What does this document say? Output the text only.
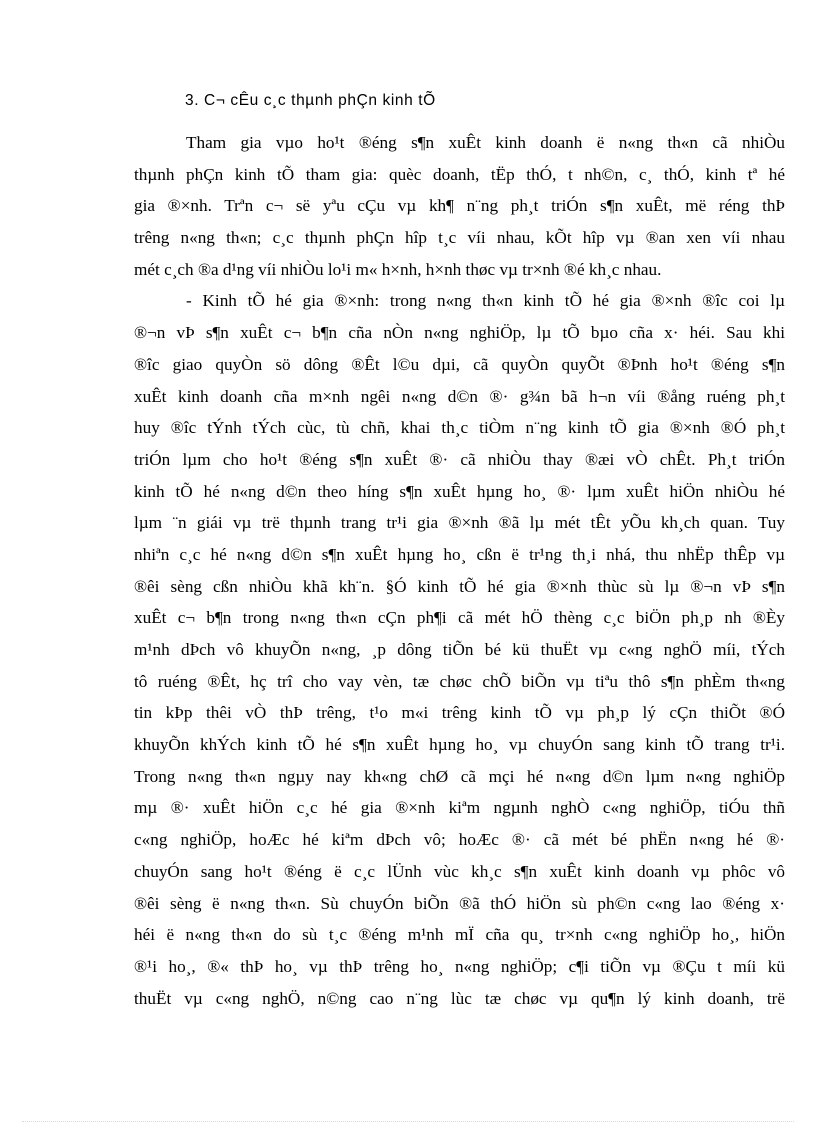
3. C¬ cÊu c¸c thµnh phÇn kinh tÕ
Tham gia vµo ho¹t ®éng s¶n xuÊt kinh doanh ë n«ng th«n cã nhiÒu
thµnh phÇn kinh tÕ tham gia: quèc doanh, tËp thÓ, t nh©n, c¸ thÓ, kinh tª hé
gia ®×nh. Trªn c¬ së yªu cÇu vµ kh¶ n¨ng ph¸t triÓn s¶n xuÊt, më réng thÞ
trêng n«ng th«n; c¸c thµnh phÇn hîp t¸c víi nhau, kÕt hîp vµ ®an xen víi nhau
mét c¸ch ®a d¹ng víi nhiÒu lo¹i m« h×nh, h×nh thøc vµ tr×nh ®é kh¸c nhau.
- Kinh tÕ hé gia ®×nh: trong n«ng th«n kinh tÕ hé gia ®×nh ®îc coi lµ
®¬n vÞ s¶n xuÊt c¬ b¶n cña nÒn n«ng nghiÖp, lµ tÕ bµo cña x· héi. Sau khi
®îc giao quyÒn sö dông ®Êt l©u dµi, cã quyÒn quyÕt ®Þnh ho¹t ®éng s¶n
xuÊt kinh doanh cña m×nh ngêi n«ng d©n ®· g¾n bã h¬n víi ®ång ruéng ph¸t
huy ®îc tÝnh tÝch cùc, tù chñ, khai th¸c tiÒm n¨ng kinh tÕ gia ®×nh ®Ó ph¸t
triÓn lµm cho ho¹t ®éng s¶n xuÊt ®· cã nhiÒu thay ®æi vÒ chÊt. Ph¸t triÓn
kinh tÕ hé n«ng d©n theo híng s¶n xuÊt hµng ho¸ ®· lµm xuÊt hiÖn nhiÒu hé
lµm ¨n giái vµ trë thµnh trang tr¹i gia ®×nh ®ã lµ mét tÊt yÕu kh¸ch quan. Tuy
nhiªn c¸c hé n«ng d©n s¶n xuÊt hµng ho¸ cßn ë tr¹ng th¸i nhá, thu nhËp thÊp vµ
®êi sèng cßn nhiÒu khã kh¨n. §Ó kinh tÕ hé gia ®×nh thùc sù lµ ®¬n vÞ s¶n
xuÊt c¬ b¶n trong n«ng th«n cÇn ph¶i cã mét hÖ thèng c¸c biÖn ph¸p nh ®Èy
m¹nh dÞch vô khuyÕn n«ng, ¸p dông tiÕn bé kü thuËt vµ c«ng nghÖ míi, tÝch
tô ruéng ®Êt, hç trî cho vay vèn, tæ chøc chÕ biÕn vµ tiªu thô s¶n phÈm th«ng
tin kÞp thêi vÒ thÞ trêng, t¹o m«i trêng kinh tÕ vµ ph¸p lý cÇn thiÕt ®Ó
khuyÕn khÝch kinh tÕ hé s¶n xuÊt hµng ho¸ vµ chuyÓn sang kinh tÕ trang tr¹i.
Trong n«ng th«n ngµy nay kh«ng chØ cã mçi hé n«ng d©n lµm n«ng nghiÖp
mµ ®· xuÊt hiÖn c¸c hé gia ®×nh kiªm ngµnh nghÒ c«ng nghiÖp, tiÓu thñ
c«ng nghiÖp, hoÆc hé kiªm dÞch vô; hoÆc ®· cã mét bé phËn n«ng hé ®·
chuyÓn sang ho¹t ®éng ë c¸c lÜnh vùc kh¸c s¶n xuÊt kinh doanh vµ phôc vô
®êi sèng ë n«ng th«n. Sù chuyÓn biÕn ®ã thÓ hiÖn sù ph©n c«ng lao ®éng x·
héi ë n«ng th«n do sù t¸c ®éng m¹nh mÏ cña qu¸ tr×nh c«ng nghiÖp ho¸, hiÖn
®¹i ho¸, ®« thÞ ho¸ vµ thÞ trêng ho¸ n«ng nghiÖp; c¶i tiÕn vµ ®Çu t míi kü
thuËt vµ c«ng nghÖ, n©ng cao n¨ng lùc tæ chøc vµ qu¶n lý kinh doanh, trë
